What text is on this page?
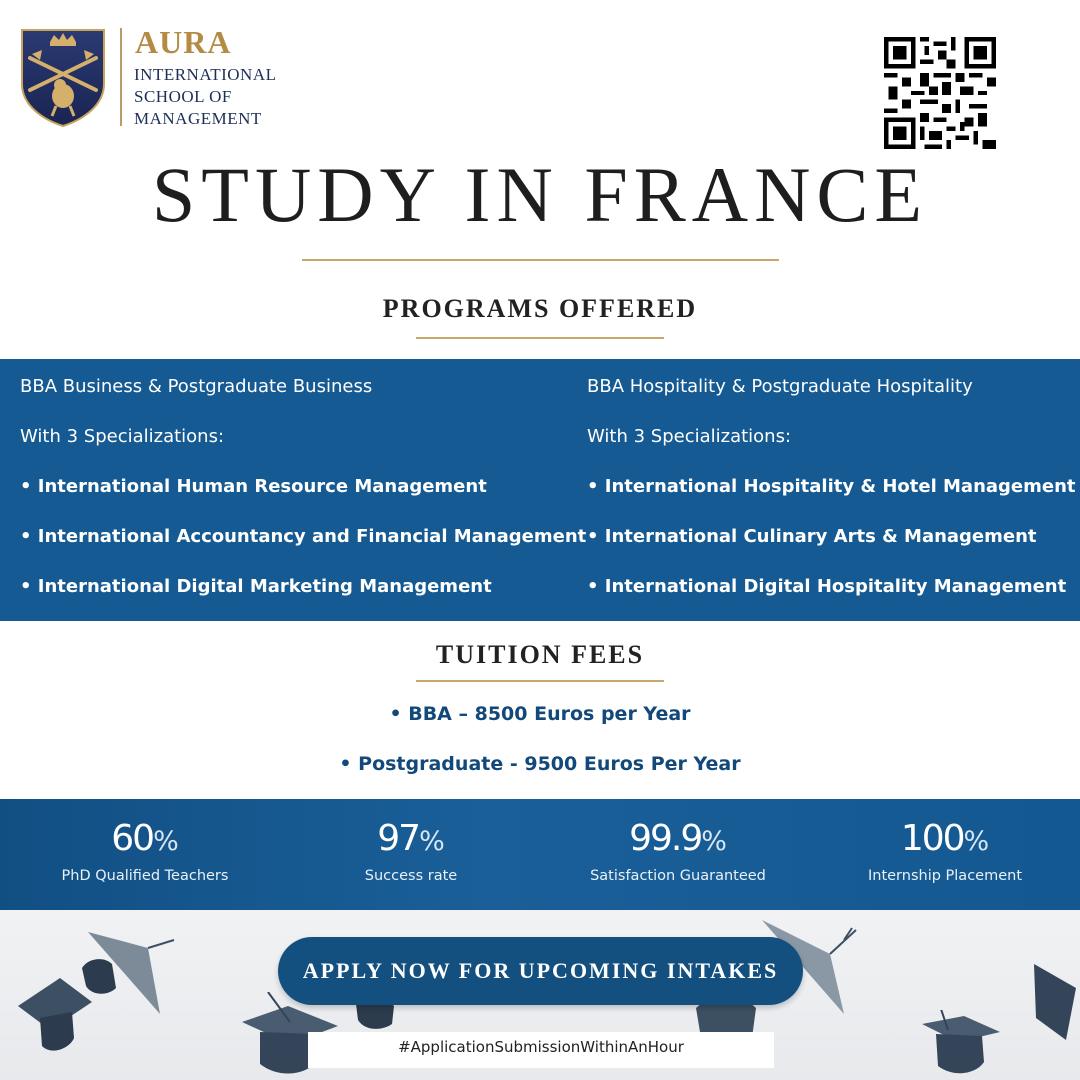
AURA
INTERNATIONAL
SCHOOL OF
MANAGEMENT
STUDY IN FRANCE
PROGRAMS OFFERED
BBA Business & Postgraduate Business
With 3 Specializations:
• International Human Resource Management
• International Accountancy and Financial Management
• International Digital Marketing Management
BBA Hospitality & Postgraduate Hospitality
With 3 Specializations:
• International Hospitality & Hotel Management
• International Culinary Arts & Management
• International Digital Hospitality Management
TUITION FEES
• BBA – 8500 Euros per Year
• Postgraduate - 9500 Euros Per Year
60%
PhD Qualified Teachers
97%
Success rate
99.9%
Satisfaction Guaranteed
100%
Internship Placement
APPLY NOW FOR UPCOMING INTAKES
#ApplicationSubmissionWithinAnHour
